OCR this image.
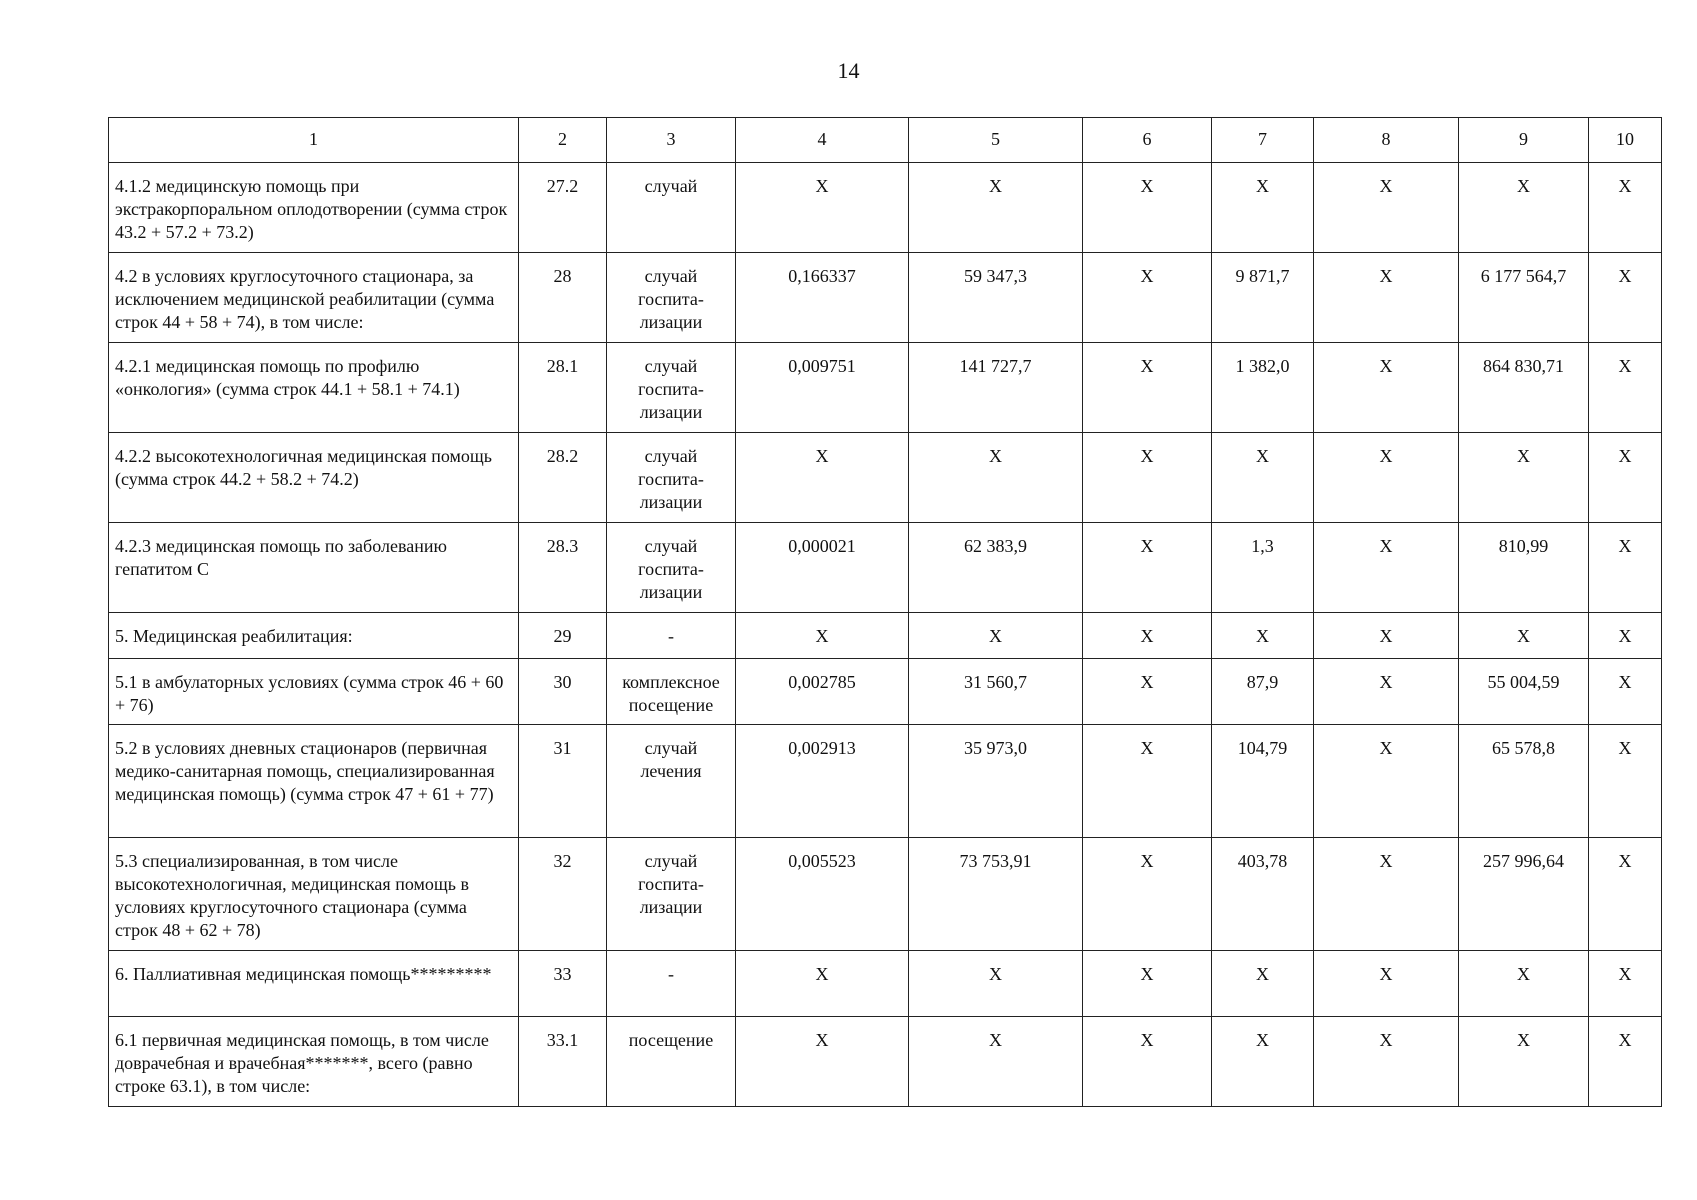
14
1	2	3	4	5	6	7	8	9	10
4.1.2 медицинскую помощь при экстракорпоральном оплодотворении (сумма строк 43.2 + 57.2 + 73.2)	27.2	случай	Х	Х	Х	Х	Х	Х	Х
4.2 в условиях круглосуточного стационара, за исключением медицинской реабилитации (сумма строк 44 + 58 + 74), в том числе:	28	случай госпита-лизации	0,166337	59 347,3	Х	9 871,7	Х	6 177 564,7	Х
4.2.1 медицинская помощь по профилю «онкология» (сумма строк 44.1 + 58.1 + 74.1)	28.1	случай госпита-лизации	0,009751	141 727,7	Х	1 382,0	Х	864 830,71	Х
4.2.2 высокотехнологичная медицинская помощь (сумма строк 44.2 + 58.2 + 74.2)	28.2	случай госпита-лизации	Х	Х	Х	Х	Х	Х	Х
4.2.3 медицинская помощь по заболеванию гепатитом С	28.3	случай госпита-лизации	0,000021	62 383,9	Х	1,3	Х	810,99	Х
5. Медицинская реабилитация:	29	-	Х	Х	Х	Х	Х	Х	Х
5.1 в амбулаторных условиях (сумма строк 46 + 60 + 76)	30	комплексное посещение	0,002785	31 560,7	Х	87,9	Х	55 004,59	Х
5.2 в условиях дневных стационаров (первичная медико-санитарная помощь, специализированная медицинская помощь) (сумма строк 47 + 61 + 77)	31	случай лечения	0,002913	35 973,0	Х	104,79	Х	65 578,8	Х
5.3 специализированная, в том числе высокотехнологичная, медицинская помощь в условиях круглосуточного стационара (сумма строк 48 + 62 + 78)	32	случай госпита-лизации	0,005523	73 753,91	Х	403,78	Х	257 996,64	Х
6. Паллиативная медицинская помощь*********	33	-	Х	Х	Х	Х	Х	Х	Х
6.1 первичная медицинская помощь, в том числе доврачебная и врачебная*******, всего (равно строке 63.1), в том числе:	33.1	посещение	Х	Х	Х	Х	Х	Х	Х
